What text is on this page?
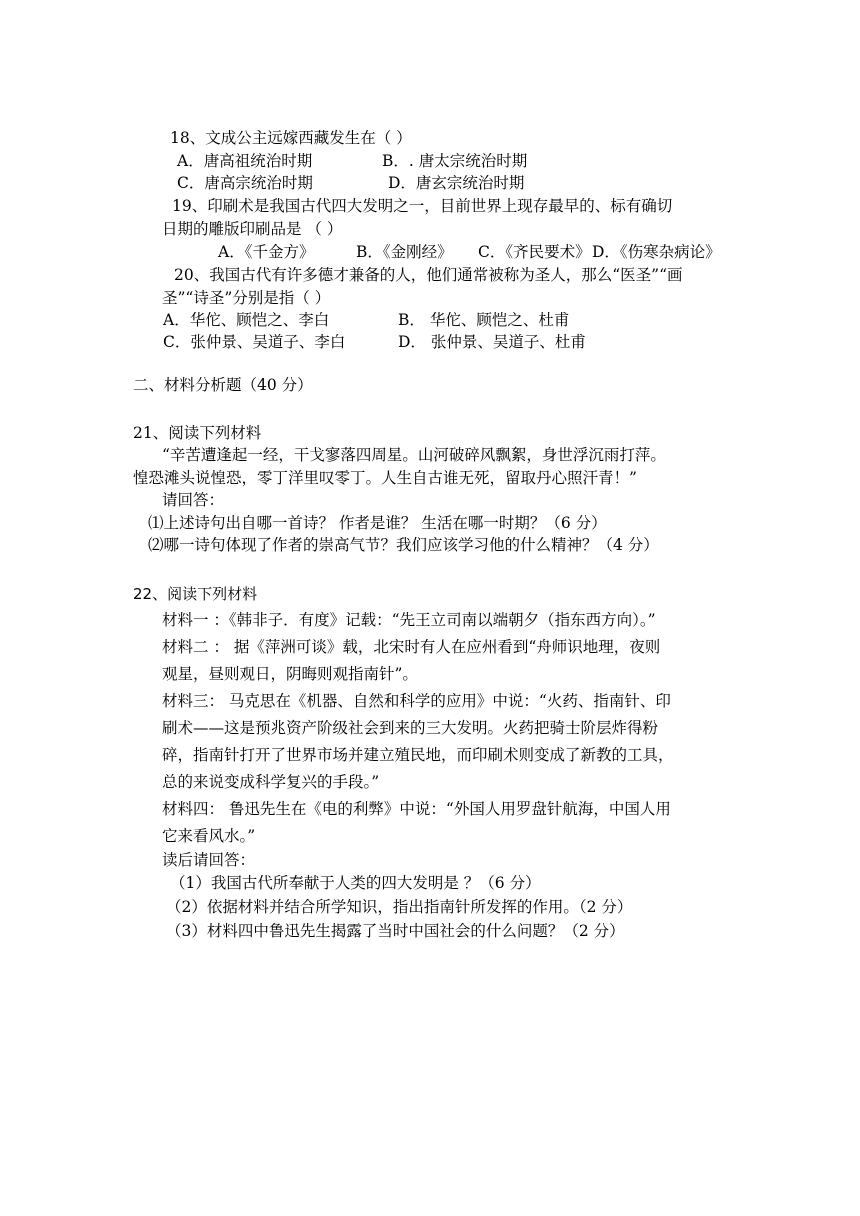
18、文成公主远嫁西藏发生在（ ）
A．唐高祖统治时期	B．. 唐太宗统治时期
C．唐高宗统治时期	D．唐玄宗统治时期
19、印刷术是我国古代四大发明之一，目前世界上现存最早的、标有确切
日期的雕版印刷品是 （ ）
A．《千金方》	B．《金刚经》 C．《齐民要术》 D．《伤寒杂病论》
20、我国古代有许多德才兼备的人，他们通常被称为圣人，那么“医圣”“画
圣”“诗圣”分别是指（ ）
A．华佗、顾恺之、李白	B． 华佗、顾恺之、杜甫
C．张仲景、吴道子、李白	D． 张仲景、吴道子、杜甫
二、材料分析题（40 分）
21、阅读下列材料
“辛苦遭逢起一经，干戈寥落四周星。山河破碎风飘絮，身世浮沉雨打萍。
惶恐滩头说惶恐，零丁洋里叹零丁。人生自古谁无死，留取丹心照汗青！”
请回答：
⑴上述诗句出自哪一首诗？ 作者是谁？ 生活在哪一时期？（6 分）
⑵哪一诗句体现了作者的崇高气节？我们应该学习他的什么精神？（4 分）
22、阅读下列材料
材料一 ：《韩非子．有度》记载：“先王立司南以端朝夕（指东西方向）。”
材料二 ： 据《萍洲可谈》载，北宋时有人在应州看到“舟师识地理，夜则
观星，昼则观日，阴晦则观指南针”。
材料三： 马克思在《机器、自然和科学的应用》中说：“火药、指南针、印
刷术——这是预兆资产阶级社会到来的三大发明。火药把骑士阶层炸得粉
碎，指南针打开了世界市场并建立殖民地，而印刷术则变成了新教的工具，
总的来说变成科学复兴的手段。”
材料四： 鲁迅先生在《电的利弊》中说：“外国人用罗盘针航海，中国人用
它来看风水。”
读后请回答：
（1）我国古代所奉献于人类的四大发明是 ？（6 分）
（2）依据材料并结合所学知识，指出指南针所发挥的作用。（2 分）
（3）材料四中鲁迅先生揭露了当时中国社会的什么问题？（2 分）
